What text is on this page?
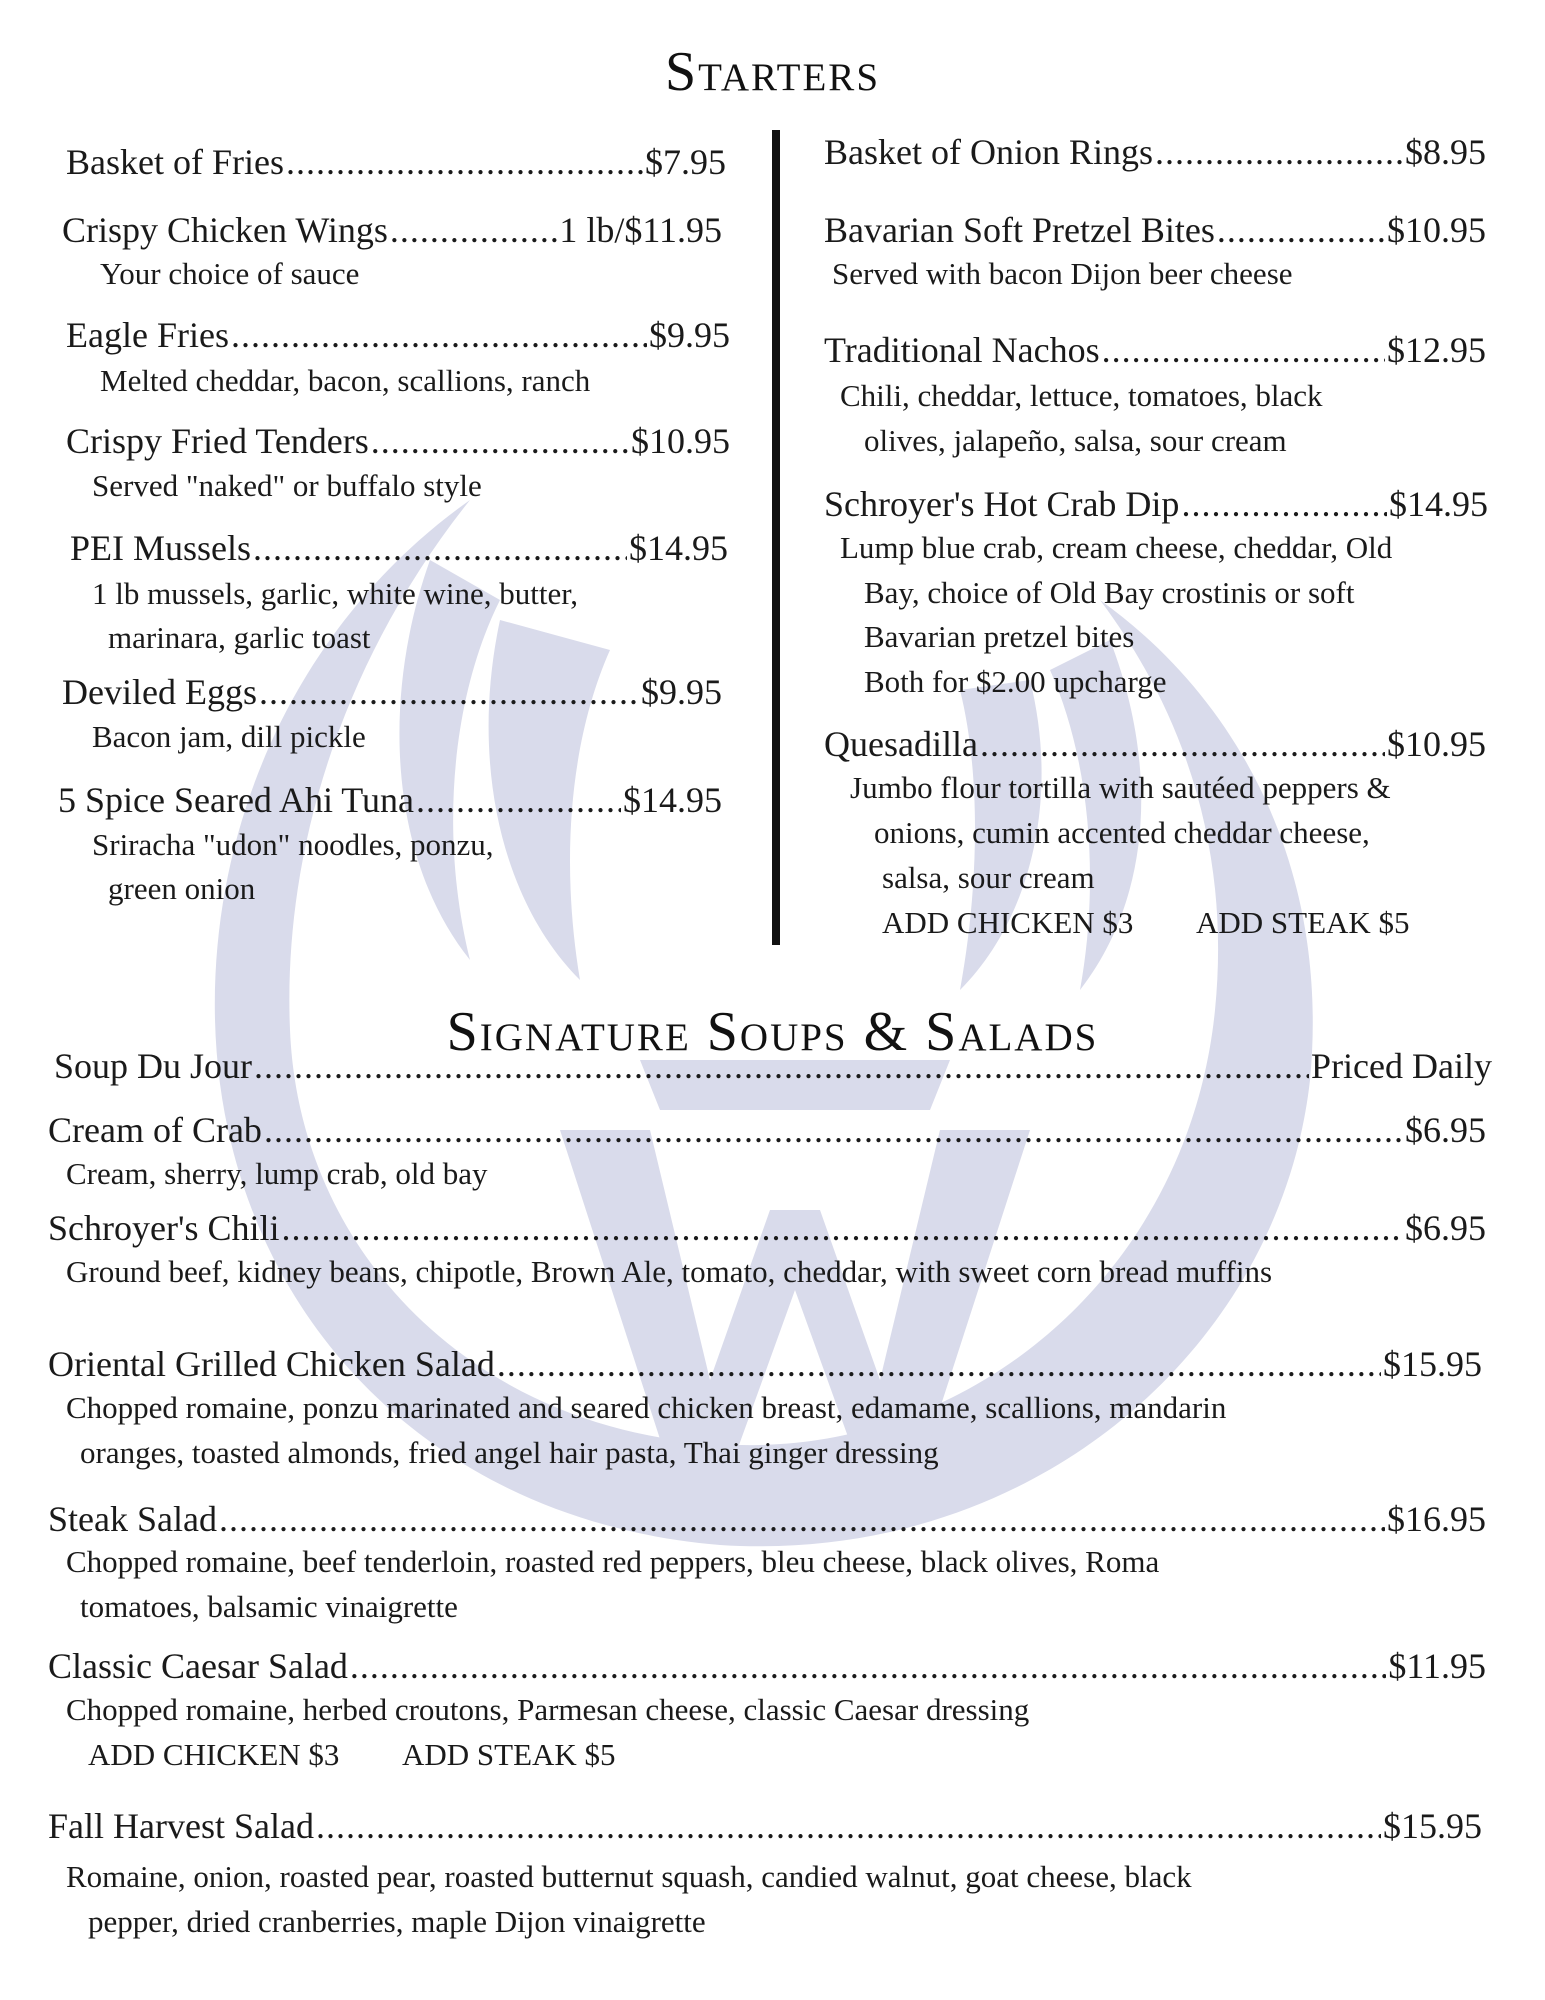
Starters
Basket of Fries .....	$7.95
Crispy Chicken Wings .....	1 lb/$11.95
Your choice of sauce
Eagle Fries .....	$9.95
Melted cheddar, bacon, scallions, ranch
Crispy Fried Tenders .....	$10.95
Served "naked" or buffalo style
PEI Mussels .....	$14.95
1 lb mussels, garlic, white wine, butter,
marinara, garlic toast
Deviled Eggs .....	$9.95
Bacon jam, dill pickle
5 Spice Seared Ahi Tuna .....	$14.95
Sriracha "udon" noodles, ponzu,
green onion
Basket of Onion Rings .....	$8.95
Bavarian Soft Pretzel Bites .....	$10.95
Served with bacon Dijon beer cheese
Traditional Nachos .....	$12.95
Chili, cheddar, lettuce, tomatoes, black
olives, jalapeño, salsa, sour cream
Schroyer's Hot Crab Dip .....	$14.95
Lump blue crab, cream cheese, cheddar, Old
Bay, choice of Old Bay crostinis or soft
Bavarian pretzel bites
Both for $2.00 upcharge
Quesadilla .....	$10.95
Jumbo flour tortilla with sautéed peppers &
onions, cumin accented cheddar cheese,
salsa, sour cream
ADD CHICKEN $3 ADD STEAK $5
Signature Soups & Salads
Soup Du Jour .....	Priced Daily
Cream of Crab .....	$6.95
Cream, sherry, lump crab, old bay
Schroyer's Chili .....	$6.95
Ground beef, kidney beans, chipotle, Brown Ale, tomato, cheddar, with sweet corn bread muffins
Oriental Grilled Chicken Salad .....	$15.95
Chopped romaine, ponzu marinated and seared chicken breast, edamame, scallions, mandarin
oranges, toasted almonds, fried angel hair pasta, Thai ginger dressing
Steak Salad .....	$16.95
Chopped romaine, beef tenderloin, roasted red peppers, bleu cheese, black olives, Roma
tomatoes, balsamic vinaigrette
Classic Caesar Salad .....	$11.95
Chopped romaine, herbed croutons, Parmesan cheese, classic Caesar dressing
ADD CHICKEN $3 ADD STEAK $5
Fall Harvest Salad .....	$15.95
Romaine, onion, roasted pear, roasted butternut squash, candied walnut, goat cheese, black
pepper, dried cranberries, maple Dijon vinaigrette
